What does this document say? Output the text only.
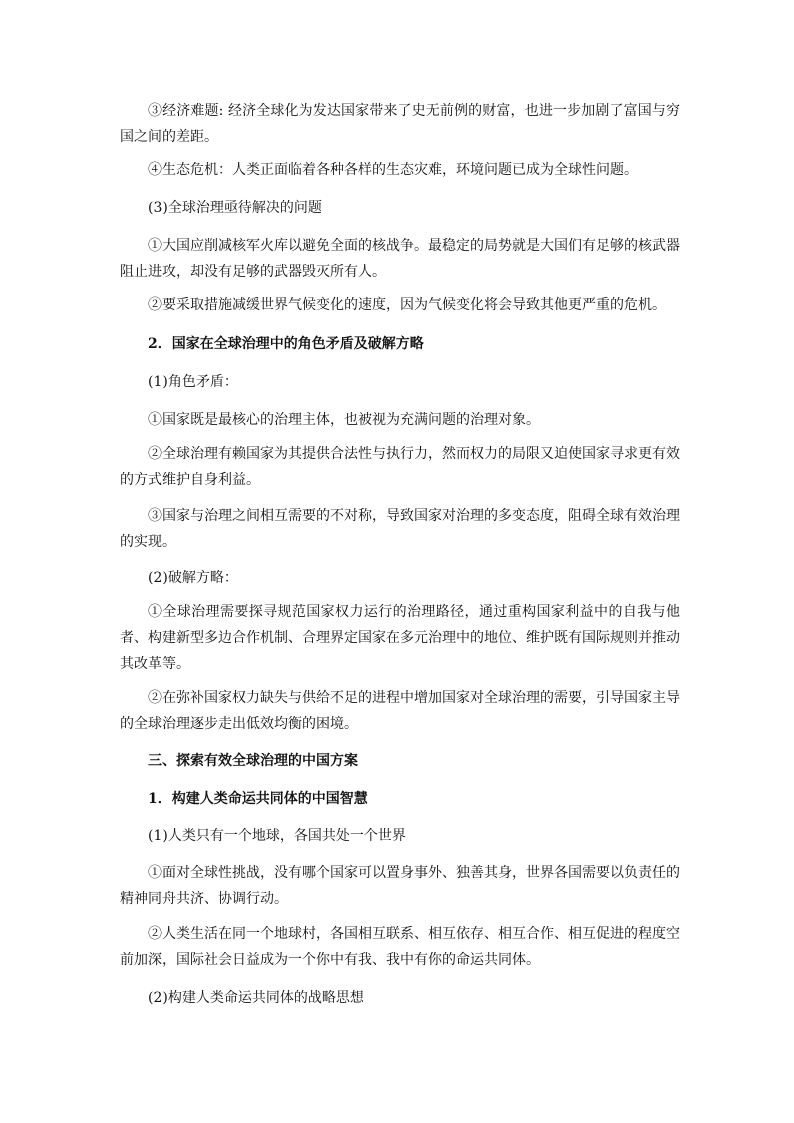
③经济难题: 经济全球化为发达国家带来了史无前例的财富，也进一步加剧了富国与穷国之间的差距。

④生态危机：人类正面临着各种各样的生态灾难，环境问题已成为全球性问题。

(3)全球治理亟待解决的问题

①大国应削减核军火库以避免全面的核战争。最稳定的局势就是大国们有足够的核武器阻止进攻，却没有足够的武器毁灭所有人。

②要采取措施减缓世界气候变化的速度，因为气候变化将会导致其他更严重的危机。

2．国家在全球治理中的角色矛盾及破解方略

(1)角色矛盾：

①国家既是最核心的治理主体，也被视为充满问题的治理对象。

②全球治理有赖国家为其提供合法性与执行力，然而权力的局限又迫使国家寻求更有效的方式维护自身利益。

③国家与治理之间相互需要的不对称，导致国家对治理的多变态度，阻碍全球有效治理的实现。

(2)破解方略：

①全球治理需要探寻规范国家权力运行的治理路径，通过重构国家利益中的自我与他者、构建新型多边合作机制、合理界定国家在多元治理中的地位、维护既有国际规则并推动其改革等。

②在弥补国家权力缺失与供给不足的进程中增加国家对全球治理的需要，引导国家主导的全球治理逐步走出低效均衡的困境。

三、探索有效全球治理的中国方案

1．构建人类命运共同体的中国智慧

(1)人类只有一个地球，各国共处一个世界

①面对全球性挑战，没有哪个国家可以置身事外、独善其身，世界各国需要以负责任的精神同舟共济、协调行动。

②人类生活在同一个地球村，各国相互联系、相互依存、相互合作、相互促进的程度空前加深，国际社会日益成为一个你中有我、我中有你的命运共同体。

(2)构建人类命运共同体的战略思想
